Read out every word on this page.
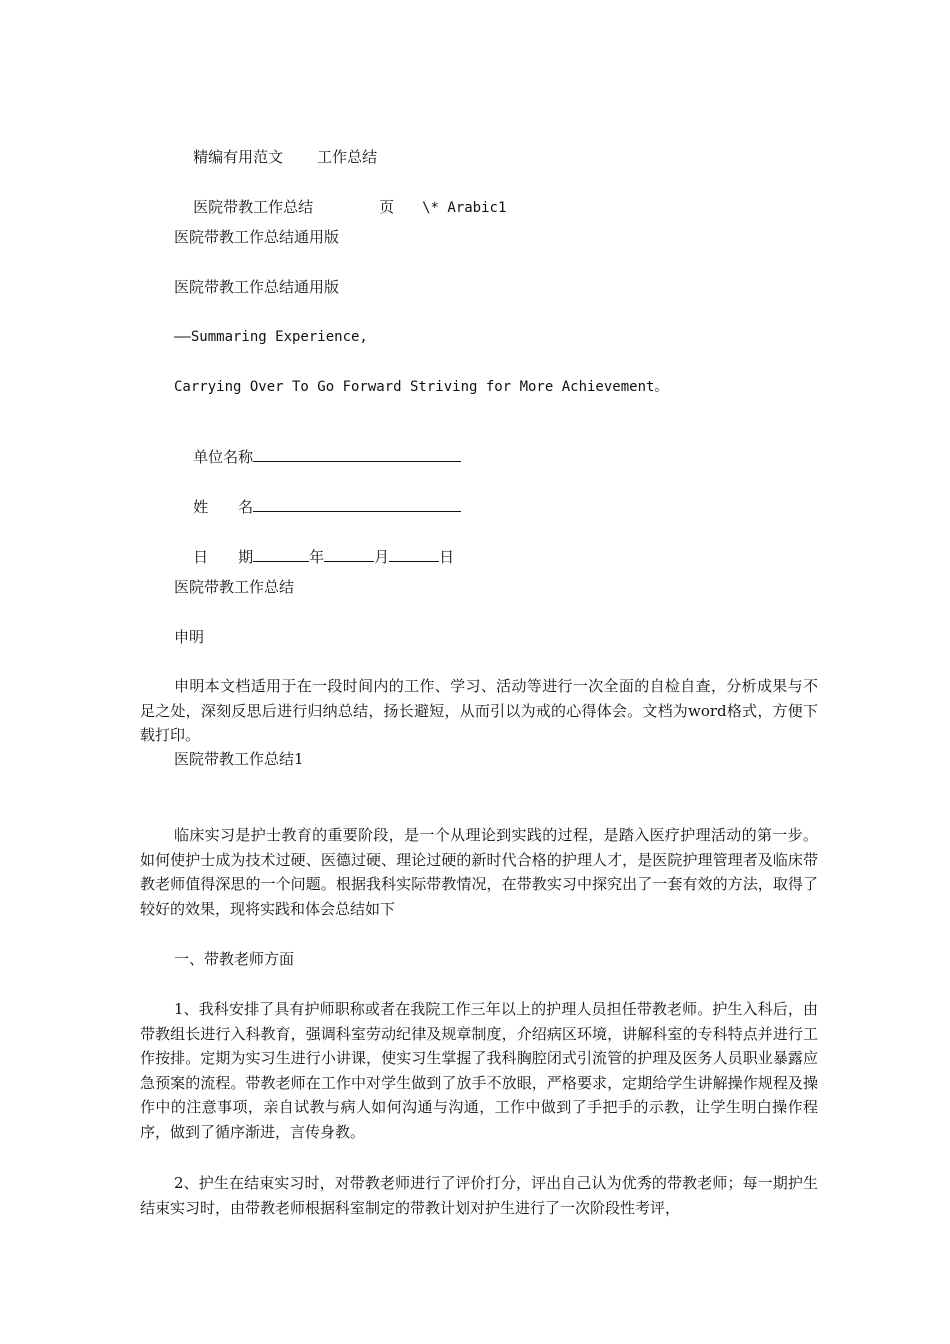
精编有用范文 工作总结

医院带教工作总结	页 \* Arabic1

医院带教工作总结通用版
医院带教工作总结通用版
——Summaring Experience,
Carrying Over To Go Forward Striving for More Achievement。

单位名称

姓　　名

日　　期	年	月	日

医院带教工作总结
申明
申明本文档适用于在一段时间内的工作、学习、活动等进行一次全面的自检自查，分析成果与不足之处，深刻反思后进行归纳总结，扬长避短，从而引以为戒的心得体会。文档为word格式，方便下载打印。
医院带教工作总结1
临床实习是护士教育的重要阶段，是一个从理论到实践的过程，是踏入医疗护理活动的第一步。如何使护士成为技术过硬、医德过硬、理论过硬的新时代合格的护理人才，是医院护理管理者及临床带教老师值得深思的一个问题。根据我科实际带教情况，在带教实习中探究出了一套有效的方法，取得了较好的效果，现将实践和体会总结如下
一、带教老师方面
1、我科安排了具有护师职称或者在我院工作三年以上的护理人员担任带教老师。护生入科后，由带教组长进行入科教育，强调科室劳动纪律及规章制度，介绍病区环境，讲解科室的专科特点并进行工作按排。定期为实习生进行小讲课，使实习生掌握了我科胸腔闭式引流管的护理及医务人员职业暴露应急预案的流程。带教老师在工作中对学生做到了放手不放眼，严格要求，定期给学生讲解操作规程及操作中的注意事项，亲自试教与病人如何沟通与沟通，工作中做到了手把手的示教，让学生明白操作程序，做到了循序渐进，言传身教。
2、护生在结束实习时，对带教老师进行了评价打分，评出自己认为优秀的带教老师；每一期护生结束实习时，由带教老师根据科室制定的带教计划对护生进行了一次阶段性考评，
